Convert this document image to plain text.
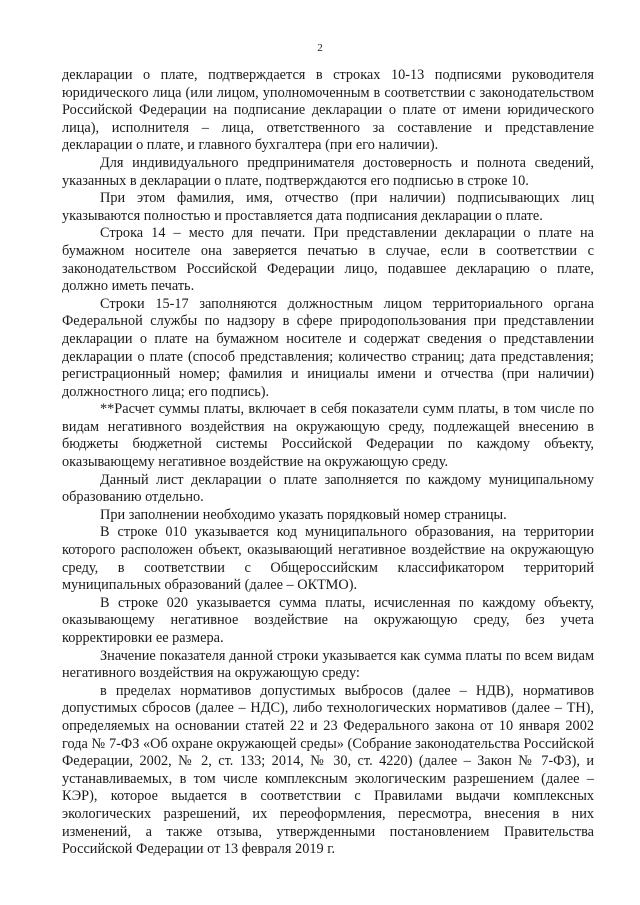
2

декларации о плате, подтверждается в строках 10-13 подписями руководителя юридического лица (или лицом, уполномоченным в соответствии с законодательством Российской Федерации на подписание декларации о плате от имени юридического лица), исполнителя – лица, ответственного за составление и представление декларации о плате, и главного бухгалтера (при его наличии).

Для индивидуального предпринимателя достоверность и полнота сведений, указанных в декларации о плате, подтверждаются его подписью в строке 10.

При этом фамилия, имя, отчество (при наличии) подписывающих лиц указываются полностью и проставляется дата подписания декларации о плате.

Строка 14 – место для печати. При представлении декларации о плате на бумажном носителе она заверяется печатью в случае, если в соответствии с законодательством Российской Федерации лицо, подавшее декларацию о плате, должно иметь печать.

Строки 15-17 заполняются должностным лицом территориального органа Федеральной службы по надзору в сфере природопользования при представлении декларации о плате на бумажном носителе и содержат сведения о представлении декларации о плате (способ представления; количество страниц; дата представления; регистрационный номер; фамилия и инициалы имени и отчества (при наличии) должностного лица; его подпись).

**Расчет суммы платы, включает в себя показатели сумм платы, в том числе по видам негативного воздействия на окружающую среду, подлежащей внесению в бюджеты бюджетной системы Российской Федерации по каждому объекту, оказывающему негативное воздействие на окружающую среду.

Данный лист декларации о плате заполняется по каждому муниципальному образованию отдельно.

При заполнении необходимо указать порядковый номер страницы.

В строке 010 указывается код муниципального образования, на территории которого расположен объект, оказывающий негативное воздействие на окружающую среду, в соответствии с Общероссийским классификатором территорий муниципальных образований (далее – ОКТМО).

В строке 020 указывается сумма платы, исчисленная по каждому объекту, оказывающему негативное воздействие на окружающую среду, без учета корректировки ее размера.

Значение показателя данной строки указывается как сумма платы по всем видам негативного воздействия на окружающую среду:

в пределах нормативов допустимых выбросов (далее – НДВ), нормативов допустимых сбросов (далее – НДС), либо технологических нормативов (далее – ТН), определяемых на основании статей 22 и 23 Федерального закона от 10 января 2002 года № 7-ФЗ «Об охране окружающей среды» (Собрание законодательства Российской Федерации, 2002, № 2, ст. 133; 2014, № 30, ст. 4220) (далее – Закон № 7-ФЗ), и устанавливаемых, в том числе комплексным экологическим разрешением (далее – КЭР), которое выдается в соответствии с Правилами выдачи комплексных экологических разрешений, их переоформления, пересмотра, внесения в них изменений, а также отзыва, утвержденными постановлением Правительства Российской Федерации от 13 февраля 2019 г.
